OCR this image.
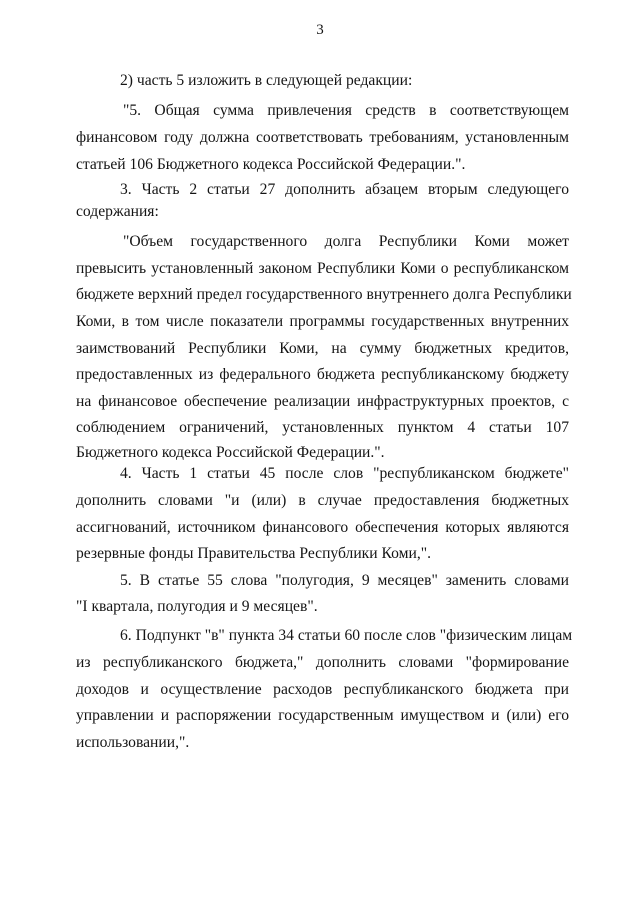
3
2) часть 5 изложить в следующей редакции:
"5. Общая сумма привлечения средств в соответствующем
финансовом году должна соответствовать требованиям, установленным
статьей 106 Бюджетного кодекса Российской Федерации.".
3. Часть 2 статьи 27 дополнить абзацем вторым следующего
содержания:
"Объем государственного долга Республики Коми может
превысить установленный законом Республики Коми о республиканском
бюджете верхний предел государственного внутреннего долга Республики
Коми, в том числе показатели программы государственных внутренних
заимствований Республики Коми, на сумму бюджетных кредитов,
предоставленных из федерального бюджета республиканскому бюджету
на финансовое обеспечение реализации инфраструктурных проектов, с
соблюдением ограничений, установленных пунктом 4 статьи 107
Бюджетного кодекса Российской Федерации.".
4. Часть 1 статьи 45 после слов "республиканском бюджете"
дополнить словами "и (или) в случае предоставления бюджетных
ассигнований, источником финансового обеспечения которых являются
резервные фонды Правительства Республики Коми,".
5. В статье 55 слова "полугодия, 9 месяцев" заменить словами
"I квартала, полугодия и 9 месяцев".
6. Подпункт "в" пункта 34 статьи 60 после слов "физическим лицам
из республиканского бюджета," дополнить словами "формирование
доходов и осуществление расходов республиканского бюджета при
управлении и распоряжении государственным имуществом и (или) его
использовании,".
